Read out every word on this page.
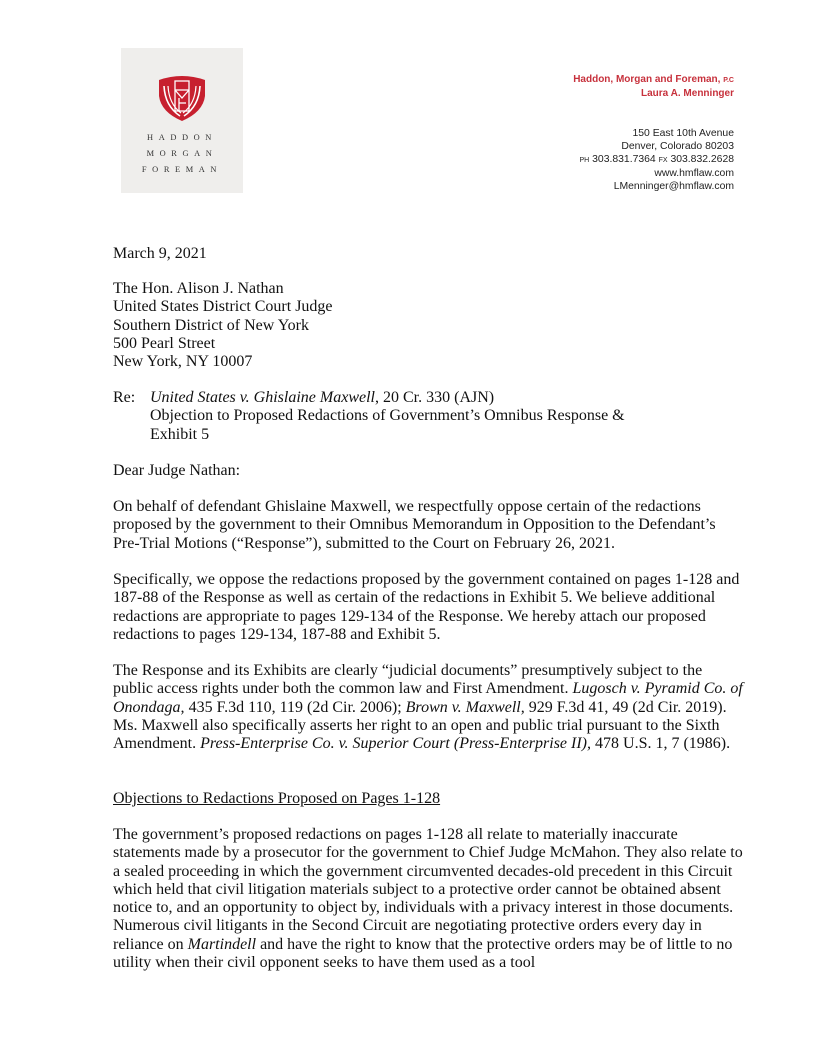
HADDON
MORGAN
FOREMAN
Haddon, Morgan and Foreman, P.C
Laura A. Menninger
150 East 10th Avenue
Denver, Colorado 80203
PH 303.831.7364 FX 303.832.2628
www.hmflaw.com
LMenninger@hmflaw.com
March 9, 2021

The Hon. Alison J. Nathan

United States District Court Judge

Southern District of New York

500 Pearl Street

New York, NY 10007

Re: United States v. Ghislaine Maxwell, 20 Cr. 330 (AJN)

Objection to Proposed Redactions of Government’s Omnibus Response &

Exhibit 5

Dear Judge Nathan:
On behalf of defendant Ghislaine Maxwell, we respectfully oppose certain of the redactions proposed by the government to their Omnibus Memorandum in Opposition to the Defendant’s Pre-Trial Motions (“Response”), submitted to the Court on February 26, 2021.
Specifically, we oppose the redactions proposed by the government contained on pages 1-128 and 187-88 of the Response as well as certain of the redactions in Exhibit 5. We believe additional redactions are appropriate to pages 129-134 of the Response. We hereby attach our proposed redactions to pages 129-134, 187-88 and Exhibit 5.
The Response and its Exhibits are clearly “judicial documents” presumptively subject to the public access rights under both the common law and First Amendment. Lugosch v. Pyramid Co. of Onondaga, 435 F.3d 110, 119 (2d Cir. 2006); Brown v. Maxwell, 929 F.3d 41, 49 (2d Cir. 2019). Ms. Maxwell also specifically asserts her right to an open and public trial pursuant to the Sixth Amendment. Press-Enterprise Co. v. Superior Court (Press-Enterprise II), 478 U.S. 1, 7 (1986).
Objections to Redactions Proposed on Pages 1-128
The government’s proposed redactions on pages 1-128 all relate to materially inaccurate statements made by a prosecutor for the government to Chief Judge McMahon. They also relate to a sealed proceeding in which the government circumvented decades-old precedent in this Circuit which held that civil litigation materials subject to a protective order cannot be obtained absent notice to, and an opportunity to object by, individuals with a privacy interest in those documents. Numerous civil litigants in the Second Circuit are negotiating protective orders every day in reliance on Martindell and have the right to know that the protective orders may be of little to no utility when their civil opponent seeks to have them used as a tool
